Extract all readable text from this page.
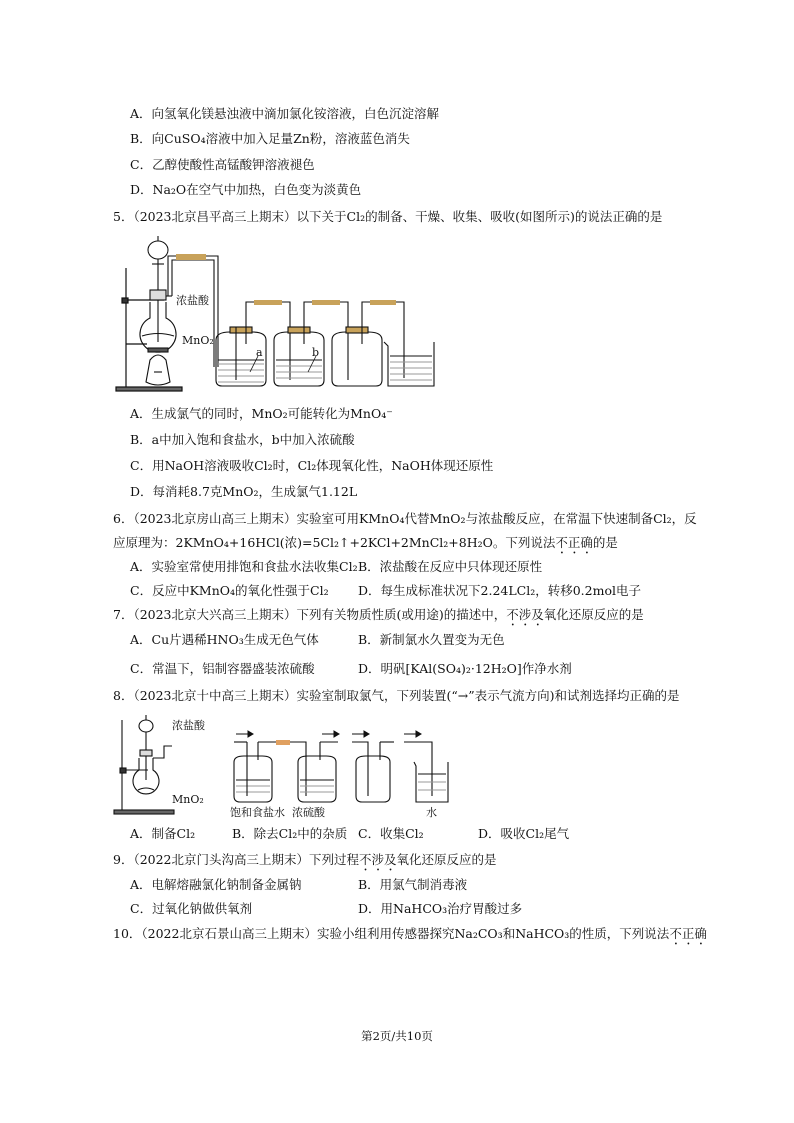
A．向氢氧化镁悬浊液中滴加氯化铵溶液，白色沉淀溶解
B．向CuSO₄溶液中加入足量Zn粉，溶液蓝色消失
C．乙醇使酸性高锰酸钾溶液褪色
D．Na₂O在空气中加热，白色变为淡黄色
5．（2023北京昌平高三上期末）以下关于Cl₂的制备、干燥、收集、吸收(如图所示)的说法正确的是
浓盐酸
MnO₂
a	b
A．生成氯气的同时，MnO₂可能转化为MnO₄⁻
B．a中加入饱和食盐水，b中加入浓硫酸
C．用NaOH溶液吸收Cl₂时，Cl₂体现氧化性，NaOH体现还原性
D．每消耗8.7克MnO₂，生成氯气1.12L
6．（2023北京房山高三上期末）实验室可用KMnO₄代替MnO₂与浓盐酸反应，在常温下快速制备Cl₂，反
应原理为：2KMnO₄+16HCl(浓)=5Cl₂↑+2KCl+2MnCl₂+8H₂O。下列说法不正确的是
A．实验室常使用排饱和食盐水法收集Cl₂ B．浓盐酸在反应中只体现还原性
C．反应中KMnO₄的氧化性强于Cl₂ D．每生成标准状况下2.24LCl₂，转移0.2mol电子
7．（2023北京大兴高三上期末）下列有关物质性质(或用途)的描述中，不涉及氧化还原反应的是
A．Cu片遇稀HNO₃生成无色气体	B．新制氯水久置变为无色
C．常温下，铝制容器盛装浓硫酸	D．明矾[KAl(SO₄)₂·12H₂O]作净水剂
8．（2023北京十中高三上期末）实验室制取氯气，下列装置(“→”表示气流方向)和试剂选择均正确的是
浓盐酸
MnO₂
饱和食盐水 浓硫酸	水
A．制备Cl₂	B．除去Cl₂中的杂质 C．收集Cl₂	D．吸收Cl₂尾气
9．（2022北京门头沟高三上期末）下列过程不涉及氧化还原反应的是
A．电解熔融氯化钠制备金属钠	B．用氯气制消毒液
C．过氧化钠做供氧剂	D．用NaHCO₃治疗胃酸过多
10．（2022北京石景山高三上期末）实验小组利用传感器探究Na₂CO₃和NaHCO₃的性质，下列说法不正确
第2页/共10页
